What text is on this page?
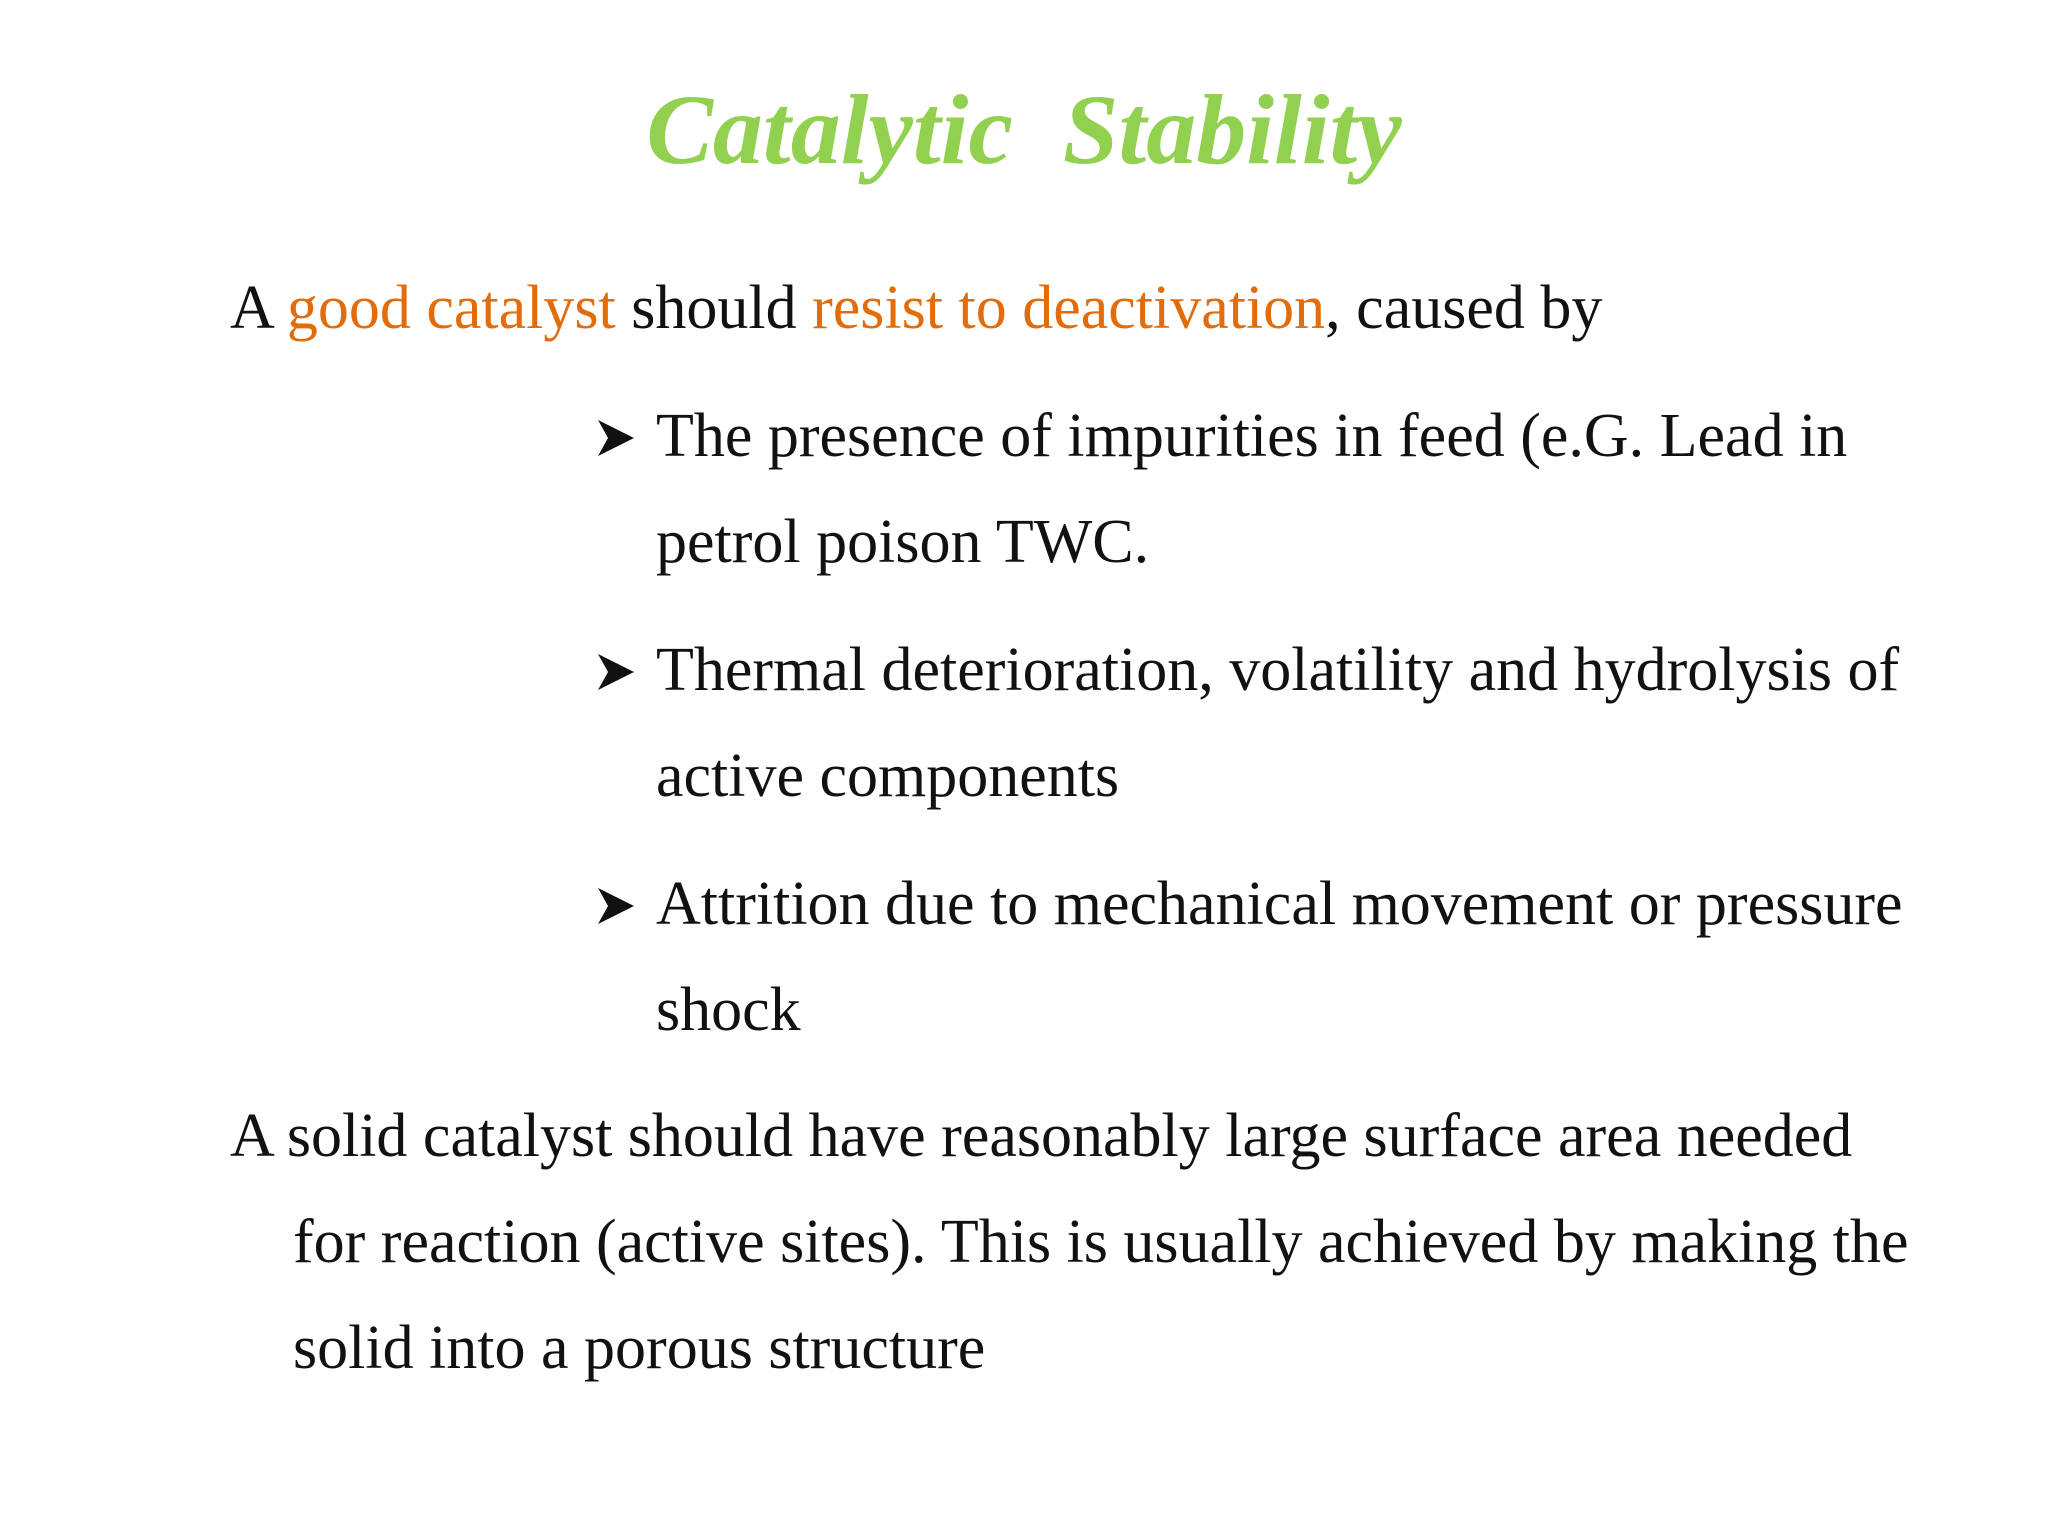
Catalytic  Stability

A good catalyst should resist to deactivation, caused by

The presence of impurities in feed (e.G. Lead in
petrol poison TWC.
Thermal deterioration, volatility and hydrolysis of
active components
Attrition due to mechanical movement or pressure
shock

A solid catalyst should have reasonably large surface area needed

for reaction (active sites). This is usually achieved by making the

solid into a porous structure
